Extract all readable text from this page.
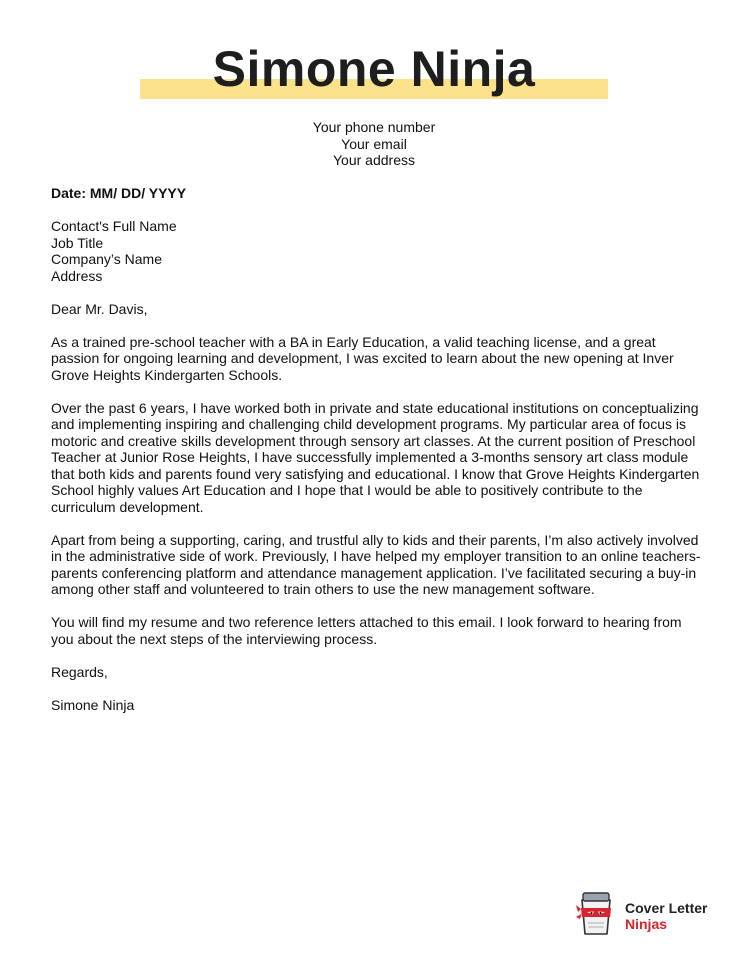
Simone Ninja
Your phone number
Your email
Your address
Date: MM/ DD/ YYYY
Contact's Full Name
Job Title
Company’s Name
Address

Dear Mr. Davis,

As a trained pre-school teacher with a BA in Early Education, a valid teaching license, and a great passion for ongoing learning and development, I was excited to learn about the new opening at Inver Grove Heights Kindergarten Schools.

Over the past 6 years, I have worked both in private and state educational institutions on conceptualizing and implementing inspiring and challenging child development programs. My particular area of focus is motoric and creative skills development through sensory art classes. At the current position of Preschool Teacher at Junior Rose Heights, I have successfully implemented a 3-months sensory art class module that both kids and parents found very satisfying and educational. I know that Grove Heights Kindergarten School highly values Art Education and I hope that I would be able to positively contribute to the curriculum development.

Apart from being a supporting, caring, and trustful ally to kids and their parents, I’m also actively involved in the administrative side of work. Previously, I have helped my employer transition to an online teachers-parents conferencing platform and attendance management application. I’ve facilitated securing a buy-in among other staff and volunteered to train others to use the new management software.

You will find my resume and two reference letters attached to this email. I look forward to hearing from you about the next steps of the interviewing process.

Regards,

Simone Ninja

Cover Letter
Ninjas
